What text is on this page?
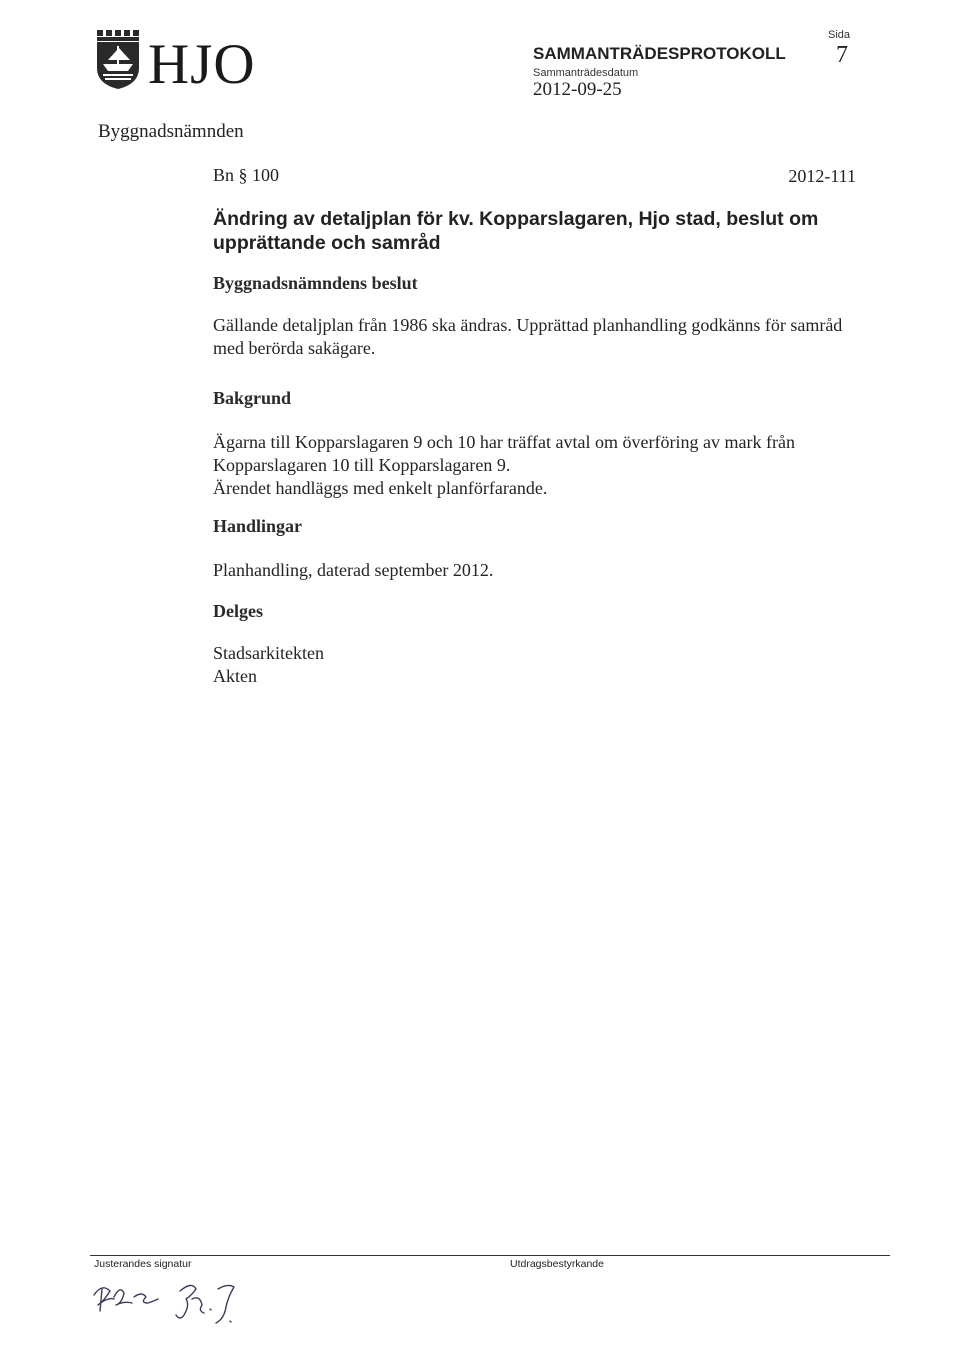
HJO	SAMMANTRÄDESPROTOKOLL
Sammanträdesdatum
2012-09-25
Sida
7
Byggnadsnämnden
Bn § 100	2012-111
Ändring av detaljplan för kv. Kopparslagaren, Hjo stad, beslut om upprättande och samråd
Byggnadsnämndens beslut
Gällande detaljplan från 1986 ska ändras. Upprättad planhandling godkänns för samråd med berörda sakägare.
Bakgrund
Ägarna till Kopparslagaren 9 och 10 har träffat avtal om överföring av mark från Kopparslagaren 10 till Kopparslagaren 9.
Ärendet handläggs med enkelt planförfarande.
Handlingar
Planhandling, daterad september 2012.
Delges
Stadsarkitekten
Akten
Justerandes signatur	Utdragsbestyrkande
